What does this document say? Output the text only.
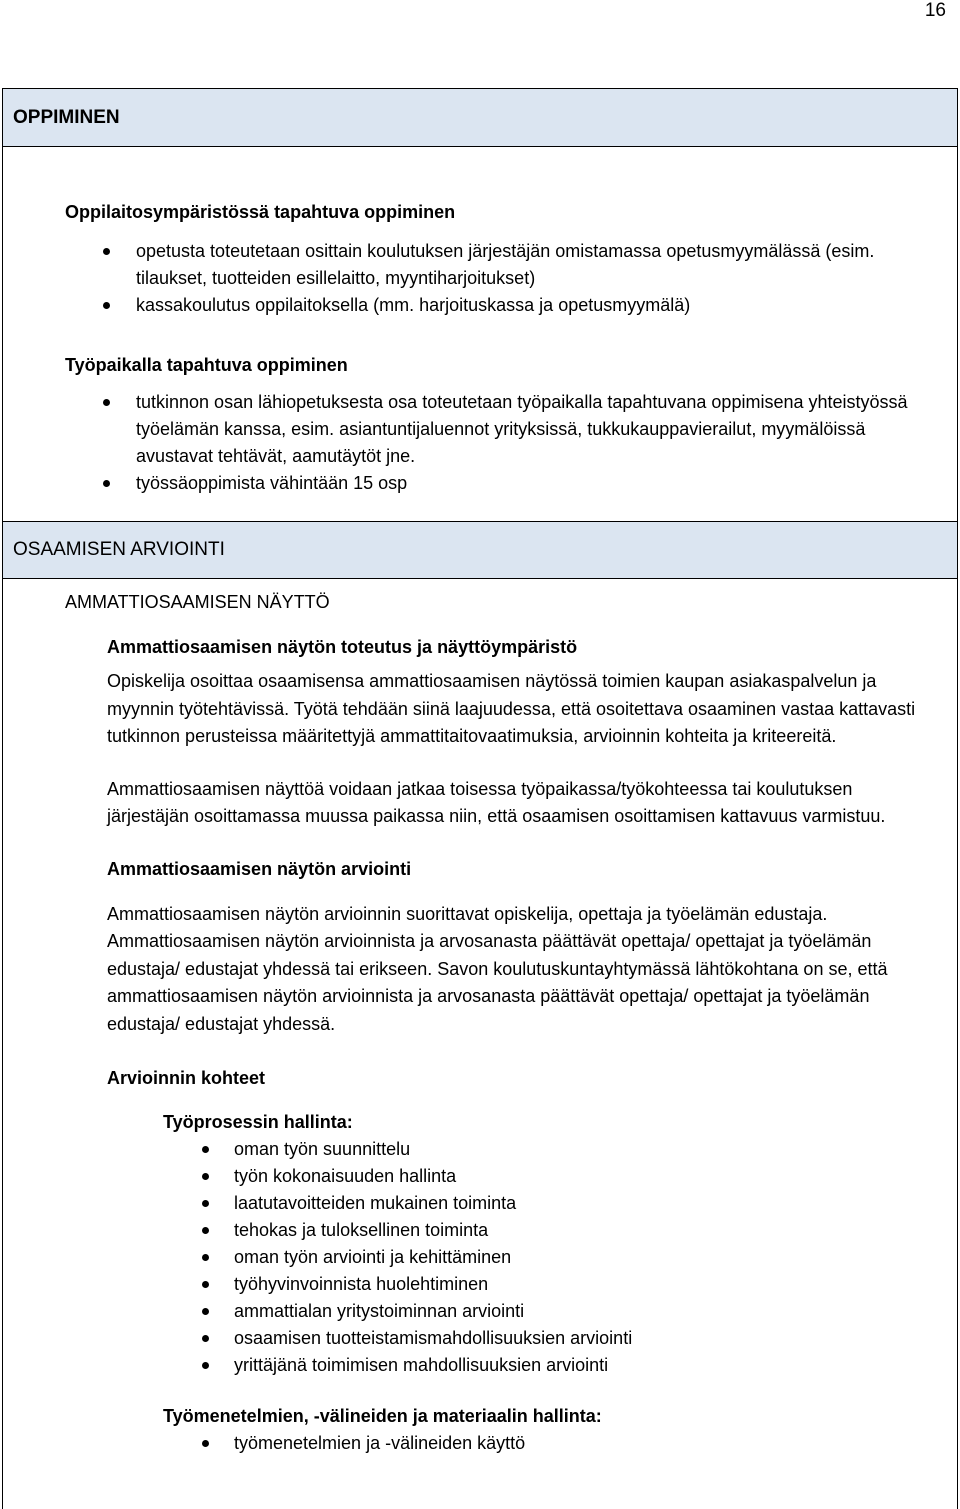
16
OPPIMINEN

Oppilaitosympäristössä tapahtuva oppiminen

opetusta toteutetaan osittain koulutuksen järjestäjän omistamassa opetusmyymälässä (esim. tilaukset, tuotteiden esillelaitto, myyntiharjoitukset)
kassakoulutus oppilaitoksella (mm. harjoituskassa ja opetusmyymälä)

Työpaikalla tapahtuva oppiminen

tutkinnon osan lähiopetuksesta osa toteutetaan työpaikalla tapahtuvana oppimisena yhteistyössä työelämän kanssa, esim. asiantuntijaluennot yrityksissä, tukkukauppavierailut, myymälöissä avustavat tehtävät, aamutäytöt jne.
työssäoppimista vähintään 15 osp
OSAAMISEN ARVIOINTI

AMMATTIOSAAMISEN NÄYTTÖ

Ammattiosaamisen näytön toteutus ja näyttöympäristö

Opiskelija osoittaa osaamisensa ammattiosaamisen näytössä toimien kaupan asiakaspalvelun ja myynnin työtehtävissä. Työtä tehdään siinä laajuudessa, että osoitettava osaaminen vastaa kattavasti tutkinnon perusteissa määritettyjä ammattitaitovaatimuksia, arvioinnin kohteita ja kriteereitä.

Ammattiosaamisen näyttöä voidaan jatkaa toisessa työpaikassa/työkohteessa tai koulutuksen järjestäjän osoittamassa muussa paikassa niin, että osaamisen osoittamisen kattavuus varmistuu.

Ammattiosaamisen näytön arviointi

Ammattiosaamisen näytön arvioinnin suorittavat opiskelija, opettaja ja työelämän edustaja. Ammattiosaamisen näytön arvioinnista ja arvosanasta päättävät opettaja/ opettajat ja työelämän edustaja/ edustajat yhdessä tai erikseen. Savon koulutuskuntayhtymässä lähtökohtana on se, että ammattiosaamisen näytön arvioinnista ja arvosanasta päättävät opettaja/ opettajat ja työelämän edustaja/ edustajat yhdessä.

Arvioinnin kohteet

Työprosessin hallinta:

oman työn suunnittelu
työn kokonaisuuden hallinta
laatutavoitteiden mukainen toiminta
tehokas ja tuloksellinen toiminta
oman työn arviointi ja kehittäminen
työhyvinvoinnista huolehtiminen
ammattialan yritystoiminnan arviointi
osaamisen tuotteistamismahdollisuuksien arviointi
yrittäjänä toimimisen mahdollisuuksien arviointi

Työmenetelmien, -välineiden ja materiaalin hallinta:

työmenetelmien ja -välineiden käyttö
